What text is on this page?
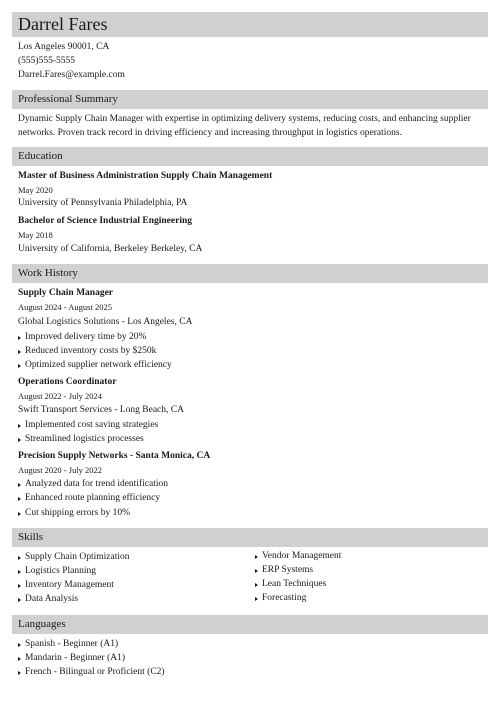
Darrel Fares
Los Angeles 90001, CA
(555)555-5555
Darrel.Fares@example.com
Professional Summary
Dynamic Supply Chain Manager with expertise in optimizing delivery systems, reducing costs, and enhancing supplier networks. Proven track record in driving efficiency and increasing throughput in logistics operations.
Education
Master of Business Administration Supply Chain Management
May 2020
University of Pennsylvania Philadelphia, PA
Bachelor of Science Industrial Engineering
May 2018
University of California, Berkeley Berkeley, CA
Work History
Supply Chain Manager
August 2024 - August 2025
Global Logistics Solutions - Los Angeles, CA
Improved delivery time by 20%
Reduced inventory costs by $250k
Optimized supplier network efficiency
Operations Coordinator
August 2022 - July 2024
Swift Transport Services - Long Beach, CA
Implemented cost saving strategies
Streamlined logistics processes
Precision Supply Networks - Santa Monica, CA
August 2020 - July 2022
Analyzed data for trend identification
Enhanced route planning efficiency
Cut shipping errors by 10%
Skills
Supply Chain Optimization
Logistics Planning
Inventory Management
Data Analysis
Vendor Management
ERP Systems
Lean Techniques
Forecasting
Languages
Spanish - Beginner (A1)
Mandarin - Beginner (A1)
French - Bilingual or Proficient (C2)
